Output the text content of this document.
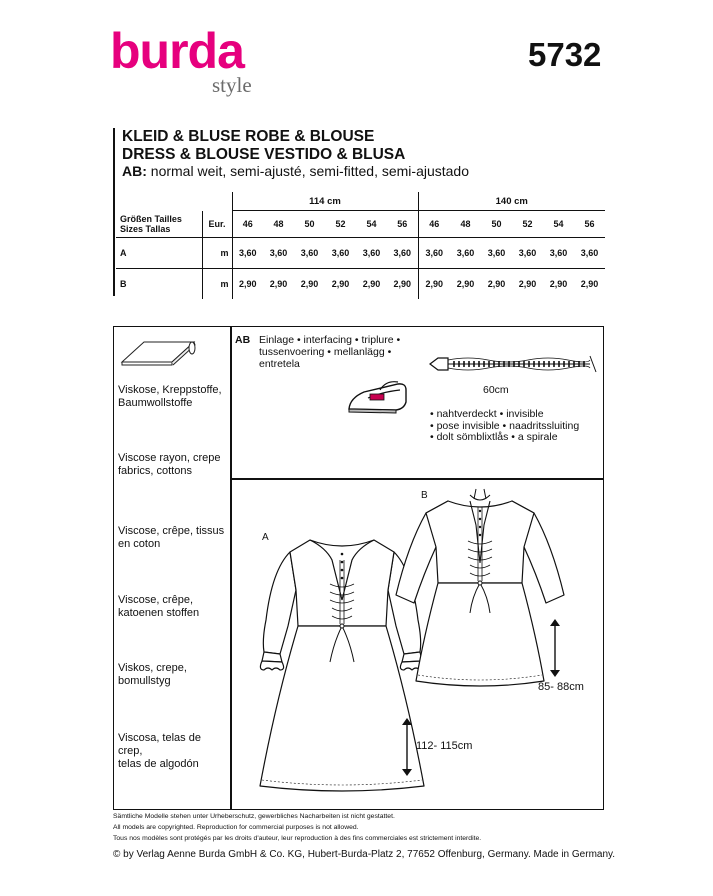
burda
style
5732
KLEID & BLUSE ROBE & BLOUSE
DRESS & BLOUSE VESTIDO & BLUSA
AB: normal weit, semi-ajusté, semi-fitted, semi-ajustado
		114 cm						140 cm					
Größen Tailles
Sizes Tallas	Eur.	46	48	50	52	54	56	46	48	50	52	54	56
A	m	3,60	3,60	3,60	3,60	3,60	3,60	3,60	3,60	3,60	3,60	3,60	3,60
B	m	2,90	2,90	2,90	2,90	2,90	2,90	2,90	2,90	2,90	2,90	2,90	2,90
Viskose, Kreppstoffe,
Baumwollstoffe
Viscose rayon, crepe
fabrics, cottons
Viscose, crêpe, tissus
en coton
Viscose, crêpe,
katoenen stoffen
Viskos, crepe,
bomullstyg
Viscosa, telas de crep,
telas de algodón
AB Einlage • interfacing • triplure •
tussenvoering • mellanlägg •
entretela
60cm
• nahtverdeckt • invisible
• pose invisible • naadritssluiting
• dolt sömblixtlås • a spirale
A
B
112- 115cm
85- 88cm
Sämtliche Modelle stehen unter Urheberschutz, gewerbliches Nacharbeiten ist nicht gestattet.
All models are copyrighted. Reproduction for commercial purposes is not allowed.
Tous nos modèles sont protégés par les droits d'auteur, leur reproduction à des fins commerciales est strictement interdite.
© by Verlag Aenne Burda GmbH & Co. KG, Hubert-Burda-Platz 2, 77652 Offenburg, Germany. Made in Germany.
